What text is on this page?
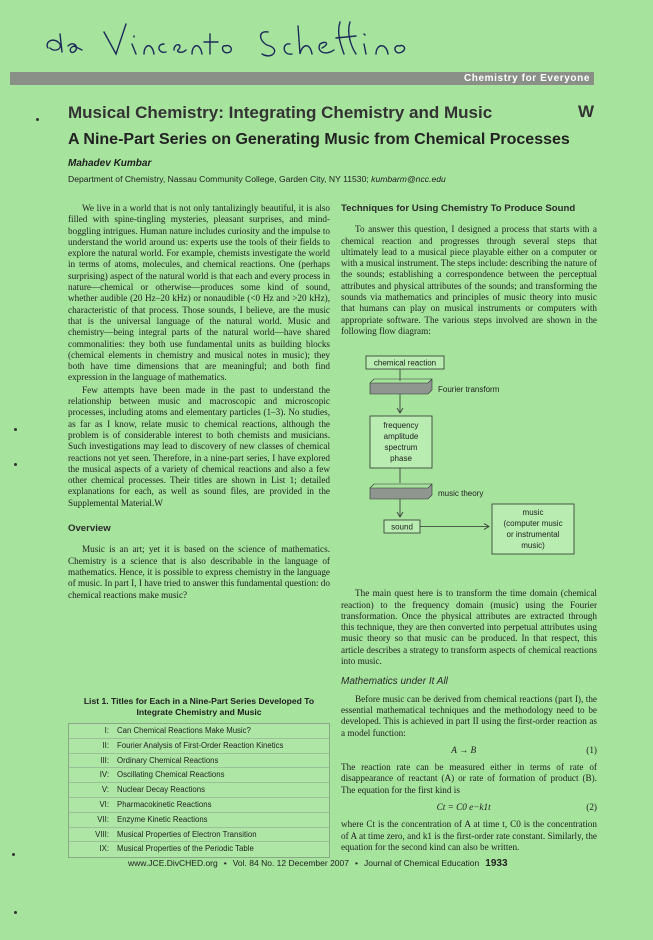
Chemistry for Everyone
Musical Chemistry: Integrating Chemistry and Music	W
A Nine-Part Series on Generating Music from Chemical Processes
Mahadev Kumbar
Department of Chemistry, Nassau Community College, Garden City, NY 11530; kumbarm@ncc.edu

We live in a world that is not only tantalizingly beautiful, it is also filled with spine-tingling mysteries, pleasant surprises, and mind-boggling intrigues. Human nature includes curiosity and the impulse to understand the world around us: experts use the tools of their fields to explore the natural world. For example, chemists investigate the world in terms of atoms, molecules, and chemical reactions. One (perhaps surprising) aspect of the natural world is that each and every process in nature—chemical or otherwise—produces some kind of sound, whether audible (20 Hz–20 kHz) or nonaudible (<0 Hz and >20 kHz), characteristic of that process. Those sounds, I believe, are the music that is the universal language of the natural world. Music and chemistry—being integral parts of the natural world—have shared commonalities: they both use fundamental units as building blocks (chemical elements in chemistry and musical notes in music); they both have time dimensions that are meaningful; and both find expression in the language of mathematics.

Few attempts have been made in the past to understand the relationship between music and macroscopic and microscopic processes, including atoms and elementary particles (1–3). No studies, as far as I know, relate music to chemical reactions, although the problem is of considerable interest to both chemists and musicians. Such investigations may lead to discovery of new classes of chemical reactions not yet seen. Therefore, in a nine-part series, I have explored the musical aspects of a variety of chemical reactions and also a few other chemical processes. Their titles are shown in List 1; detailed explanations for each, as well as sound files, are provided in the Supplemental Material.W

Overview

Music is an art; yet it is based on the science of mathematics. Chemistry is a science that is also describable in the language of mathematics. Hence, it is possible to express chemistry in the language of music. In part I, I have tried to answer this fundamental question: do chemical reactions make music?

List 1. Titles for Each in a Nine-Part Series Developed To Integrate Chemistry and Music
I:	Can Chemical Reactions Make Music?
II:	Fourier Analysis of First-Order Reaction Kinetics
III:	Ordinary Chemical Reactions
IV:	Oscillating Chemical Reactions
V:	Nuclear Decay Reactions
VI:	Pharmacokinetic Reactions
VII:	Enzyme Kinetic Reactions
VIII:	Musical Properties of Electron Transition
IX:	Musical Properties of the Periodic Table
Techniques for Using Chemistry To Produce Sound

To answer this question, I designed a process that starts with a chemical reaction and progresses through several steps that ultimately lead to a musical piece playable either on a computer or with a musical instrument. The steps include: describing the nature of the sounds; establishing a correspondence between the perceptual attributes and physical attributes of the sounds; and transforming the sounds via mathematics and principles of music theory into music that humans can play on musical instruments or computers with appropriate software. The various steps involved are shown in the following flow diagram:

The main quest here is to transform the time domain (chemical reaction) to the frequency domain (music) using the Fourier transformation. Once the physical attributes are extracted through this technique, they are then converted into perpetual attributes using music theory so that music can be produced. In that respect, this article describes a strategy to transform aspects of chemical reactions into music.

Mathematics under It All

Before music can be derived from chemical reactions (part I), the essential mathematical techniques and the methodology need to be developed. This is achieved in part II using the first-order reaction as a model function:

A → B	(1)

The reaction rate can be measured either in terms of rate of disappearance of reactant (A) or rate of formation of product (B). The equation for the first kind is

Ct = C0 e−k1t	(2)

where Ct is the concentration of A at time t, C0 is the concentration of A at time zero, and k1 is the first-order rate constant. Similarly, the equation for the second kind can also be written.

chemical reaction
Fourier transform
frequency
amplitude
spectrum
phase
music theory
sound
music
(computer music
or instrumental
music)
www.JCE.DivCHED.org • Vol. 84 No. 12 December 2007 • Journal of Chemical Education 1933
